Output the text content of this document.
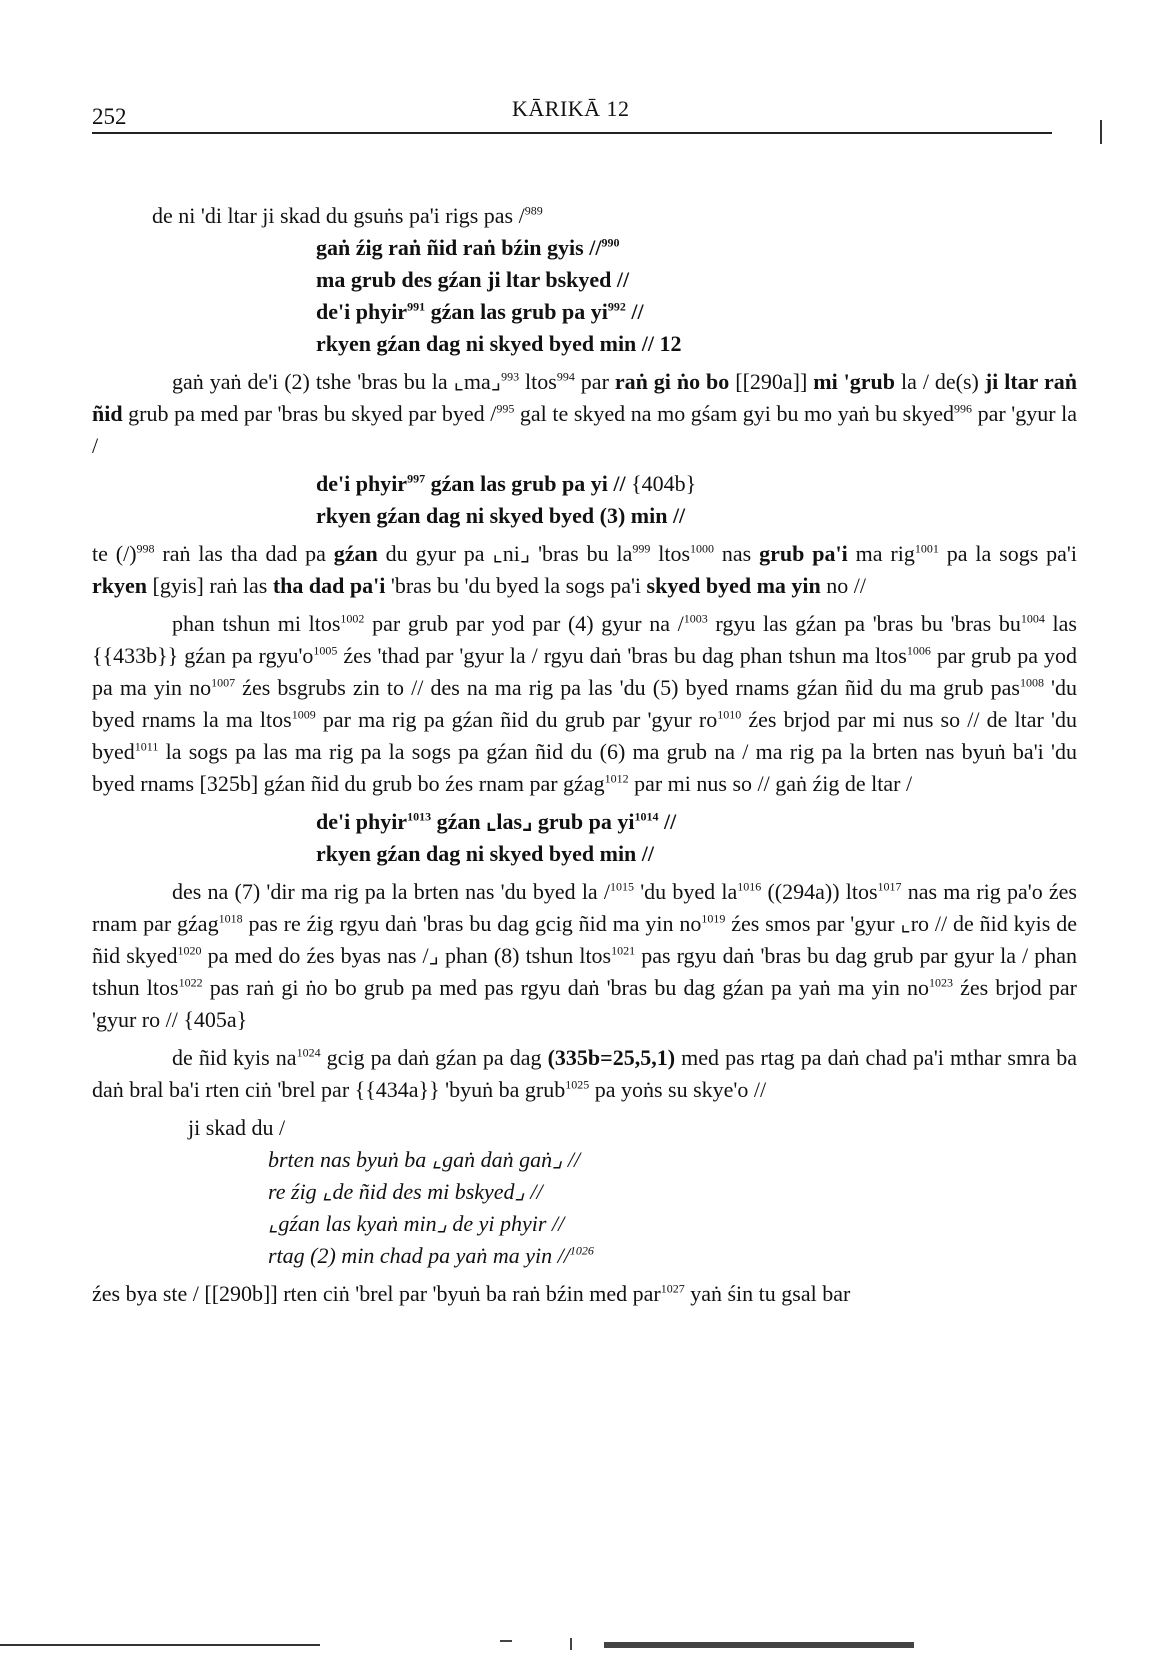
252	KĀRIKĀ 12
de ni 'di ltar ji skad du gsuṅs pa'i rigs pas /$^{989}$
gaṅ źig raṅ ñid raṅ bźin gyis //$^{990}$
ma grub des gźan ji ltar bskyed //
de'i phyir$^{991}$ gźan las grub pa $yi^{992}$ //
rkyen gźan dag ni skyed byed min // 12
gaṅ yaṅ de'i (2) tshe 'bras bu la ⌞ma⌟$^{993}$ ltos$^{994}$ par raṅ gi ṅo bo [[290a]] mi 'grub la / de(s) ji ltar raṅ ñid grub pa med par 'bras bu skyed par byed /$^{995}$ gal te skyed na mo gśam gyi bu mo yaṅ bu skyed$^{996}$ par 'gyur la /
de'i phyir$^{997}$ gźan las grub pa yi // {404b}
rkyen gźan dag ni skyed byed (3) min //
te $(/)^{998}$ raṅ las tha dad pa gźan du gyur pa ⌞ni⌟ 'bras bu $la^{999}$ ltos$^{1000}$ nas grub pa'i ma rig$^{1001}$ pa la sogs pa'i rkyen [gyis] raṅ las tha dad pa'i 'bras bu 'du byed la sogs pa'i skyed byed ma yin no //
phan tshun mi ltos$^{1002}$ par grub par yod par (4) gyur na /$^{1003}$ rgyu las gźan pa 'bras bu 'bras $bu^{1004}$ las {{433b}} gźan pa $rgyu'o^{1005}$ źes 'thad par 'gyur la / rgyu daṅ 'bras bu dag phan tshun ma ltos$^{1006}$ par grub pa yod pa ma yin $no^{1007}$ źes bsgrubs zin to // des na ma rig pa las 'du (5) byed rnams gźan ñid du ma grub pas$^{1008}$ 'du byed rnams la ma ltos$^{1009}$ par ma rig pa gźan ñid du grub par 'gyur $ro^{1010}$ źes brjod par mi nus so // de ltar 'du byed$^{1011}$ la sogs pa las ma rig pa la sogs pa gźan ñid du (6) ma grub na / ma rig pa la brten nas byuṅ ba'i 'du byed rnams [325b] gźan ñid du grub bo źes rnam par gźag$^{1012}$ par mi nus so // gaṅ źig de ltar /
de'i phyir$^{1013}$ gźan ⌞las⌟ grub pa $yi^{1014}$ //
rkyen gźan dag ni skyed byed min //
des na (7) 'dir ma rig pa la brten nas 'du byed la /$^{1015}$ 'du byed $la^{1016}$ ((294a)) ltos$^{1017}$ nas ma rig pa'o źes rnam par gźag$^{1018}$ pas re źig rgyu daṅ 'bras bu dag gcig ñid ma yin $no^{1019}$ źes smos par 'gyur ⌞ro // de ñid kyis de ñid skyed$^{1020}$ pa med do źes byas nas /⌟ phan (8) tshun ltos$^{1021}$ pas rgyu daṅ 'bras bu dag grub par gyur la / phan tshun ltos$^{1022}$ pas raṅ gi ṅo bo grub pa med pas rgyu daṅ 'bras bu dag gźan pa yaṅ ma yin $no^{1023}$ źes brjod par 'gyur ro // {405a}
de ñid kyis $na^{1024}$ gcig pa daṅ gźan pa dag (335b=25,5,1) med pas rtag pa daṅ chad pa'i mthar smra ba daṅ bral ba'i rten ciṅ 'brel par {{434a}} 'byuṅ ba grub$^{1025}$ pa yoṅs su skye'o //
ji skad du /
brten nas byuṅ ba ⌞gaṅ daṅ gaṅ⌟ //
re źig ⌞de ñid des mi bskyed⌟ //
⌞gźan las kyaṅ min⌟ de yi phyir //
rtag (2) min chad pa yaṅ ma yin //$^{1026}$
źes bya ste / [[290b]] rten ciṅ 'brel par 'byuṅ ba raṅ bźin med par$^{1027}$ yaṅ śin tu gsal bar
